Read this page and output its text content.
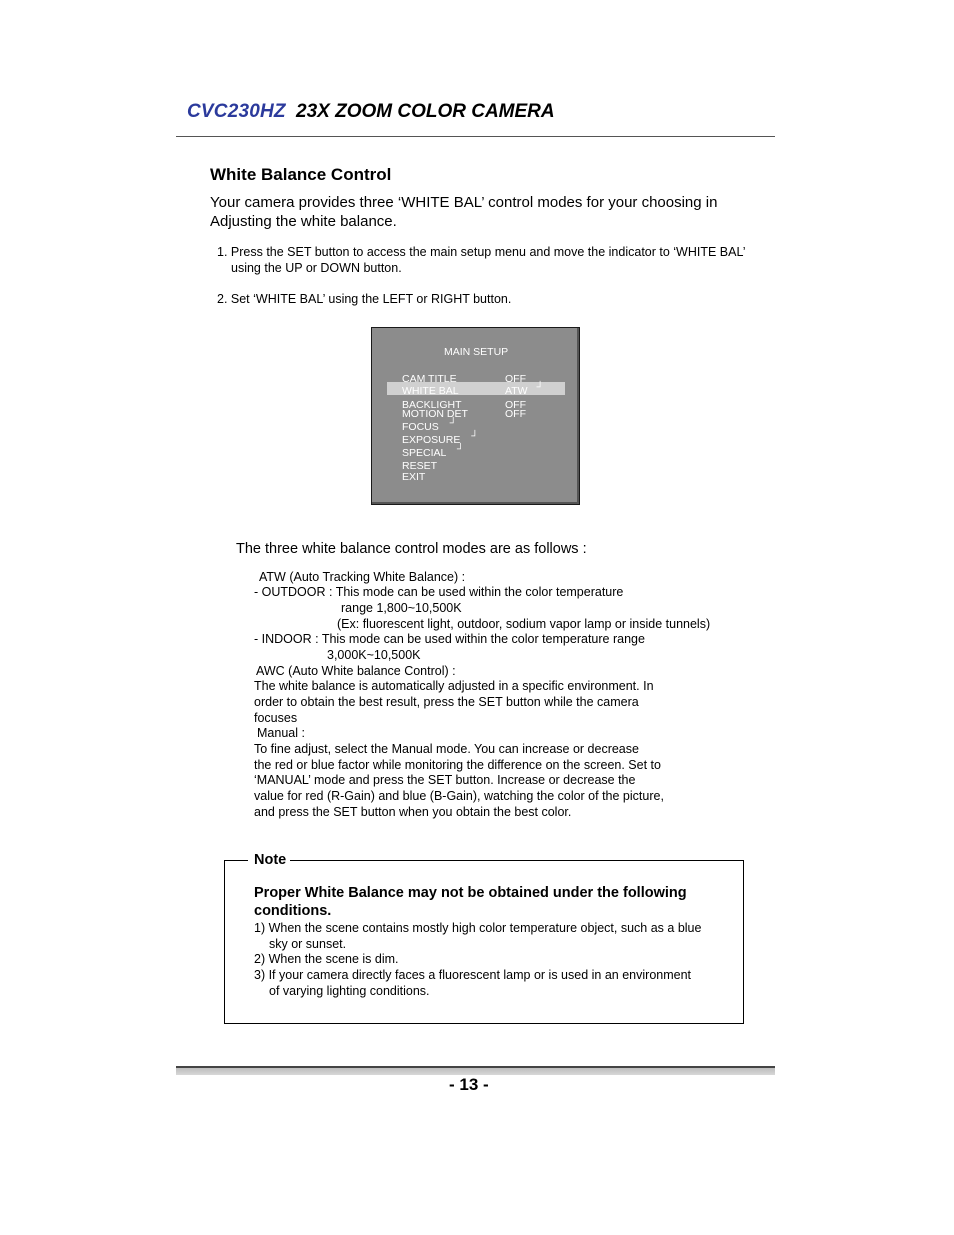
CVC230HZ 23X ZOOM COLOR CAMERA
White Balance Control
Your camera provides three ‘WHITE BAL’ control modes for your choosing in Adjusting the white balance.
1. Press the SET button to access the main setup menu and move the indicator to ‘WHITE BAL’
using the UP or DOWN button.
2. Set ‘WHITE BAL’ using the LEFT or RIGHT button.
MAIN SETUP
CAM TITLE	OFF
WHITE BAL	ATW ┘
BACKLIGHT	OFF
MOTION DET	OFF
FOCUS ┘
EXPOSURE ┘
SPECIAL ┘
RESET
EXIT
The three white balance control modes are as follows :
ATW (Auto Tracking White Balance) :
- OUTDOOR : This mode can be used within the color temperature
range 1,800~10,500K
(Ex: fluorescent light, outdoor, sodium vapor lamp or inside tunnels)
- INDOOR : This mode can be used within the color temperature range
3,000K~10,500K
AWC (Auto White balance Control) :
The white balance is automatically adjusted in a specific environment. In
order to obtain the best result, press the SET button while the camera
focuses
Manual :
To fine adjust, select the Manual mode. You can increase or decrease
the red or blue factor while monitoring the difference on the screen. Set to
‘MANUAL’ mode and press the SET button. Increase or decrease the
value for red (R-Gain) and blue (B-Gain), watching the color of the picture,
and press the SET button when you obtain the best color.
Note
Proper White Balance may not be obtained under the following conditions.
1) When the scene contains mostly high color temperature object, such as a blue
sky or sunset.
2) When the scene is dim.
3) If your camera directly faces a fluorescent lamp or is used in an environment
of varying lighting conditions.
- 13 -
